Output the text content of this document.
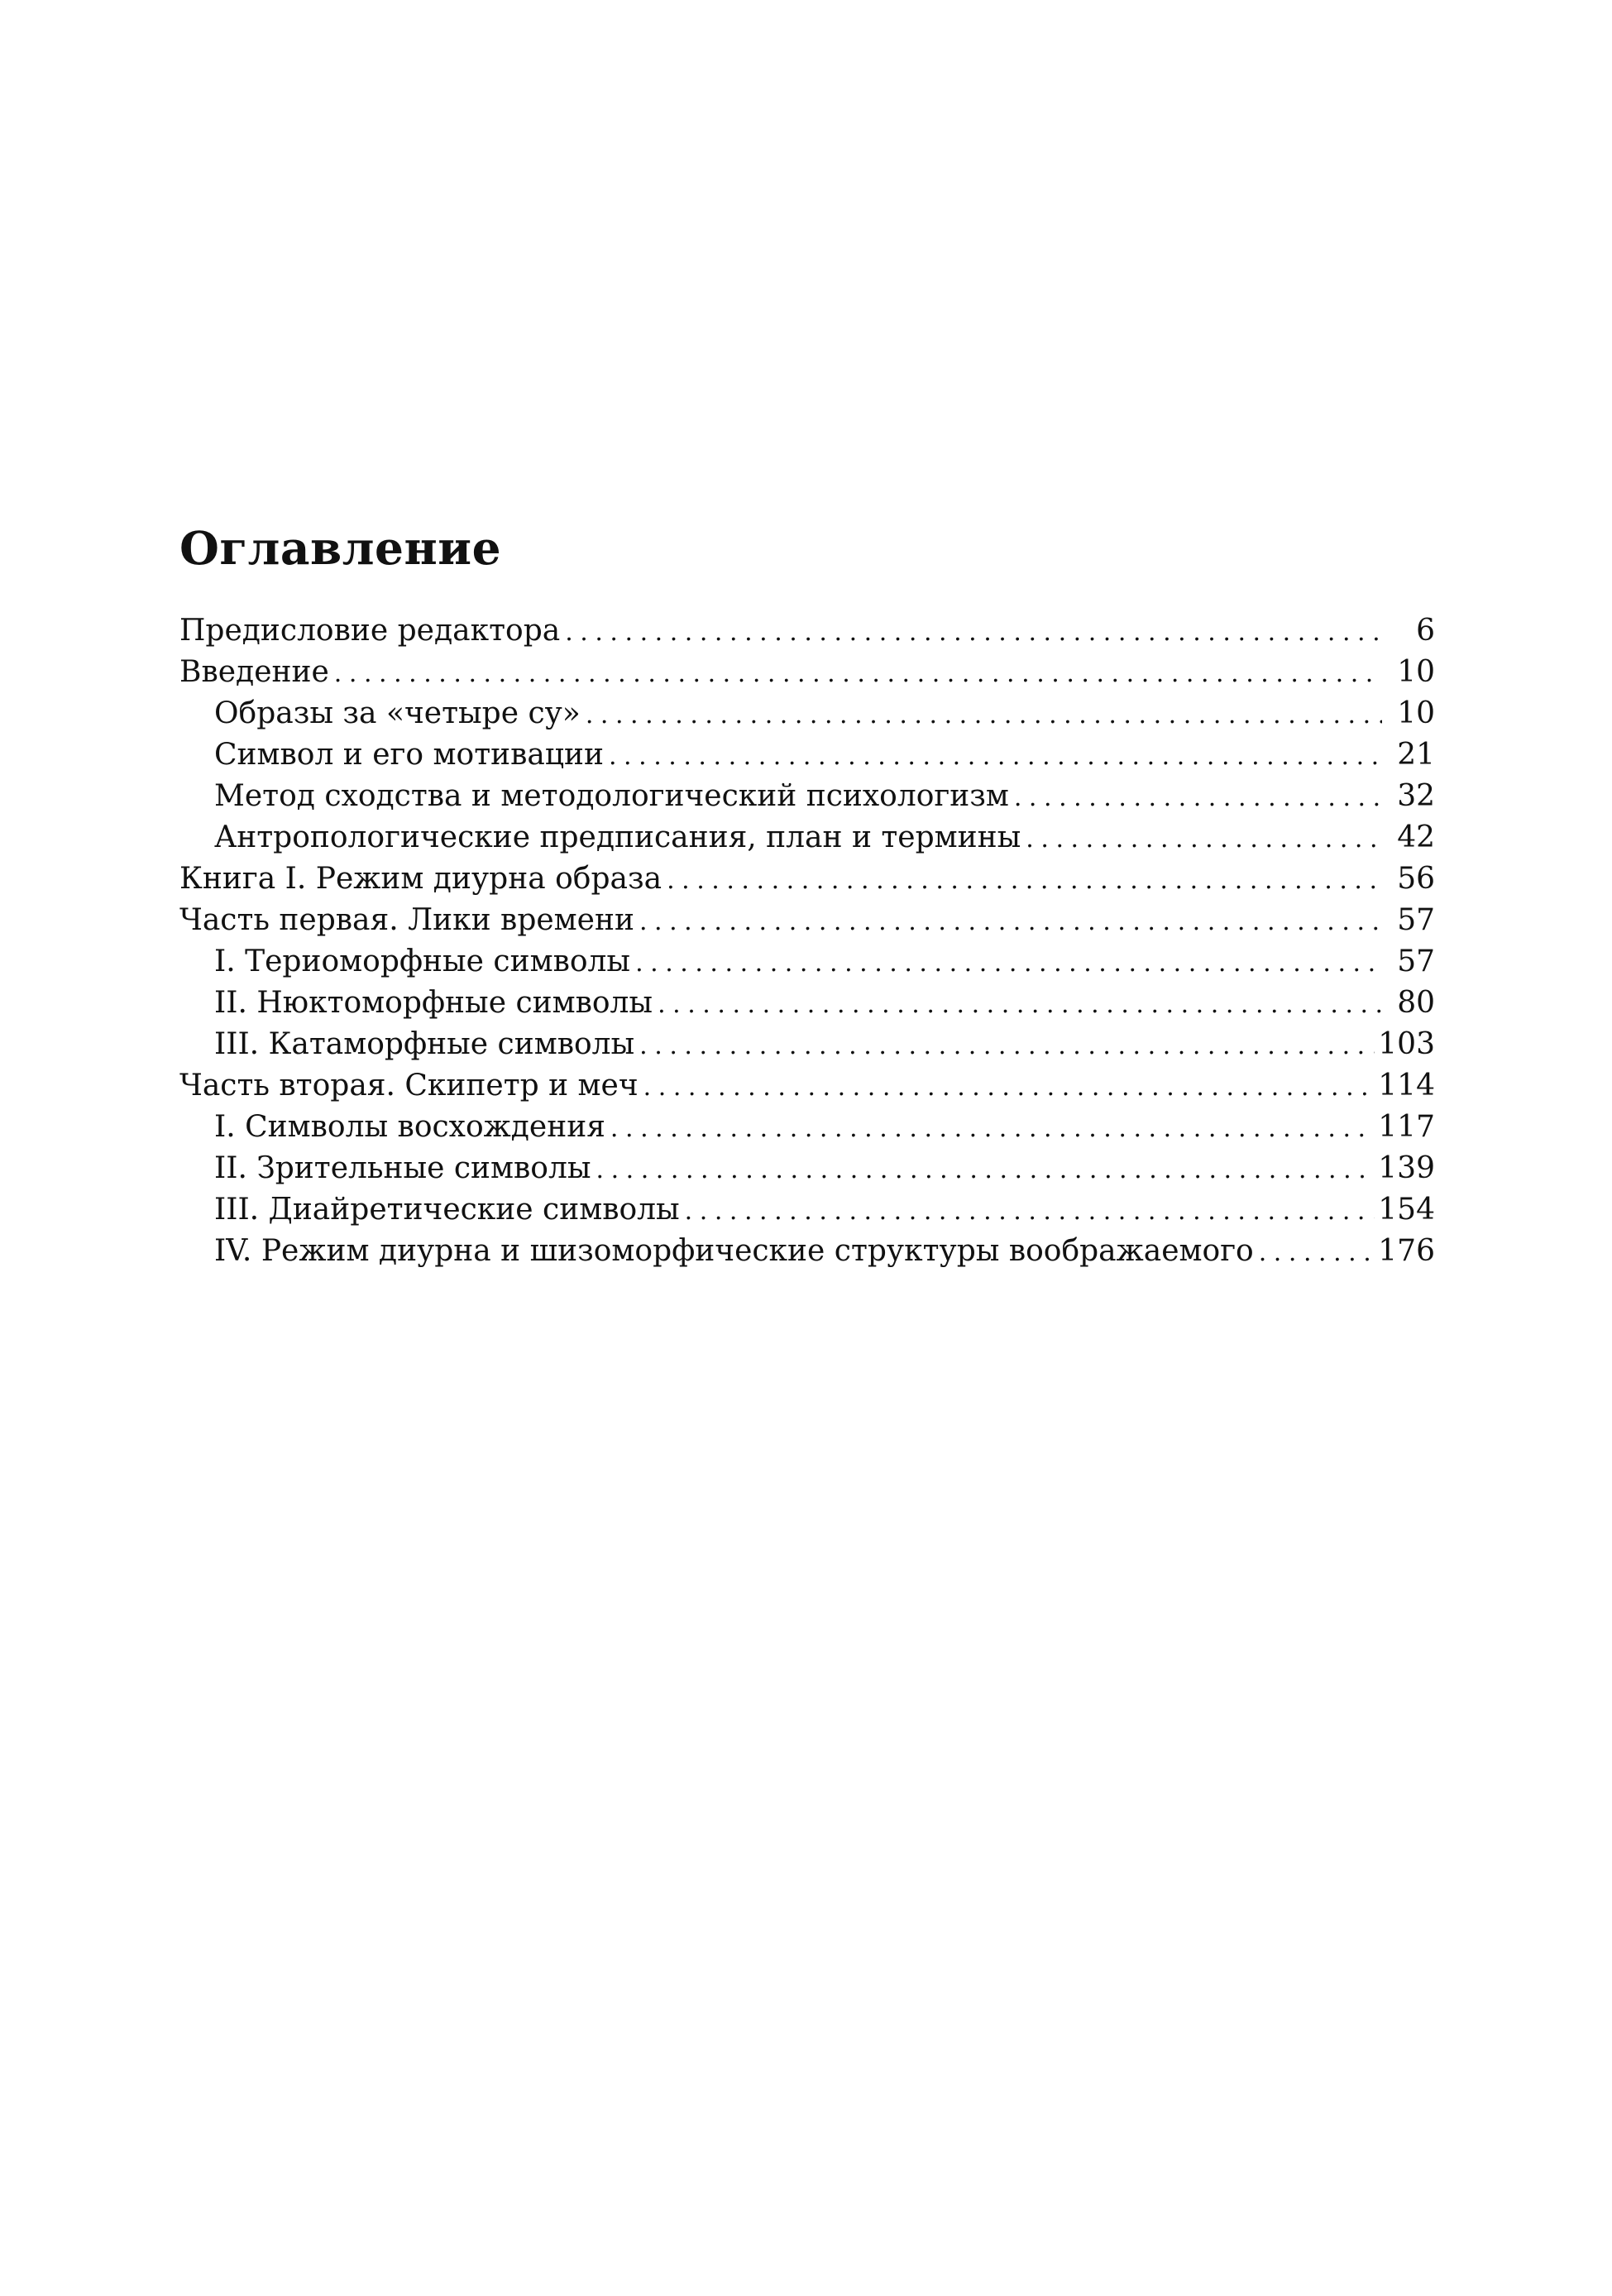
Оглавление
Предисловие редактора . . .	6
Введение . . .	10
Образы за «четыре су» . . .	10
Символ и его мотивации . . .	21
Метод сходства и методологический психологизм . . .	32
Антропологические предписания, план и термины . . .	42
Книга I. Режим диурна образа . . .	56
Часть первая. Лики времени . . .	57
I. Териоморфные символы . . .	57
II. Нюктоморфные символы . . .	80
III. Катаморфные символы . . .	103
Часть вторая. Скипетр и меч . . .	114
I. Символы восхождения . . .	117
II. Зрительные символы . . .	139
III. Диайретические символы . . .	154
IV. Режим диурна и шизоморфические структуры воображаемого . . .	176
